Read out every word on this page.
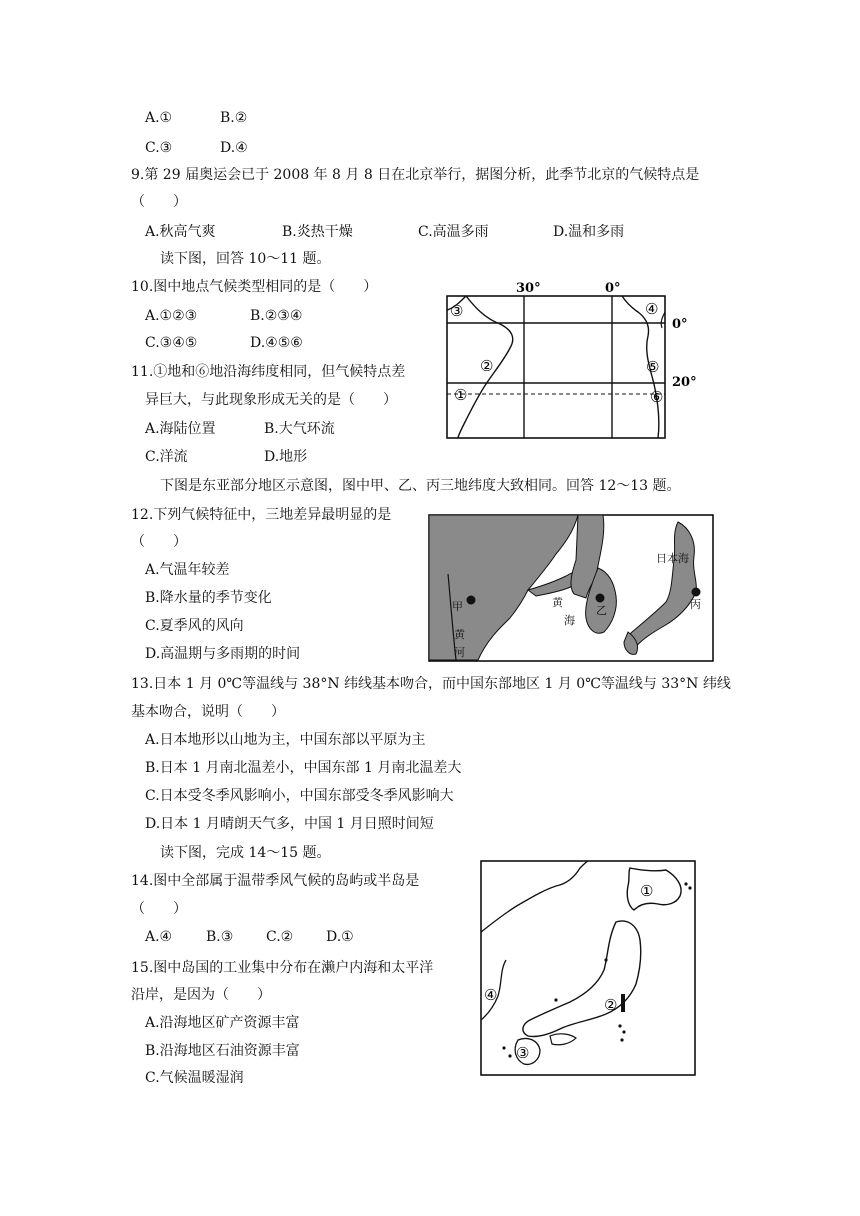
A.①	B.②
C.③	D.④
9.第 29 届奥运会已于 2008 年 8 月 8 日在北京举行，据图分析，此季节北京的气候特点是
（　　）
A.秋高气爽	B.炎热干燥	C.高温多雨	D.温和多雨
读下图，回答 10～11 题。
10.图中地点气候类型相同的是（　　）
A.①②③	B.②③④
C.③④⑤	D.④⑤⑥
11.①地和⑥地沿海纬度相同，但气候特点差
异巨大，与此现象形成无关的是（　　）
A.海陆位置	B.大气环流
C.洋流	D.地形
30°	0°
③	④
②	⑤
①	⑥
0°
20°
下图是东亚部分地区示意图，图中甲、乙、丙三地纬度大致相同。回答 12～13 题。
12.下列气候特征中，三地差异最明显的是
（　　）
A.气温年较差
B.降水量的季节变化
C.夏季风的风向
D.高温期与多雨期的时间
日本海
甲	黄
海
乙	丙
黄
河
13.日本 1 月 0℃等温线与 38°N 纬线基本吻合，而中国东部地区 1 月 0℃等温线与 33°N 纬线
基本吻合，说明（　　）
A.日本地形以山地为主，中国东部以平原为主
B.日本 1 月南北温差小，中国东部 1 月南北温差大
C.日本受冬季风影响小，中国东部受冬季风影响大
D.日本 1 月晴朗天气多，中国 1 月日照时间短
读下图，完成 14～15 题。
14.图中全部属于温带季风气候的岛屿或半岛是
（　　）
A.④ B.③ C.② D.①
15.图中岛国的工业集中分布在濑户内海和太平洋
沿岸，是因为（　　）
A.沿海地区矿产资源丰富
B.沿海地区石油资源丰富
C.气候温暖湿润
①
②
③
④
